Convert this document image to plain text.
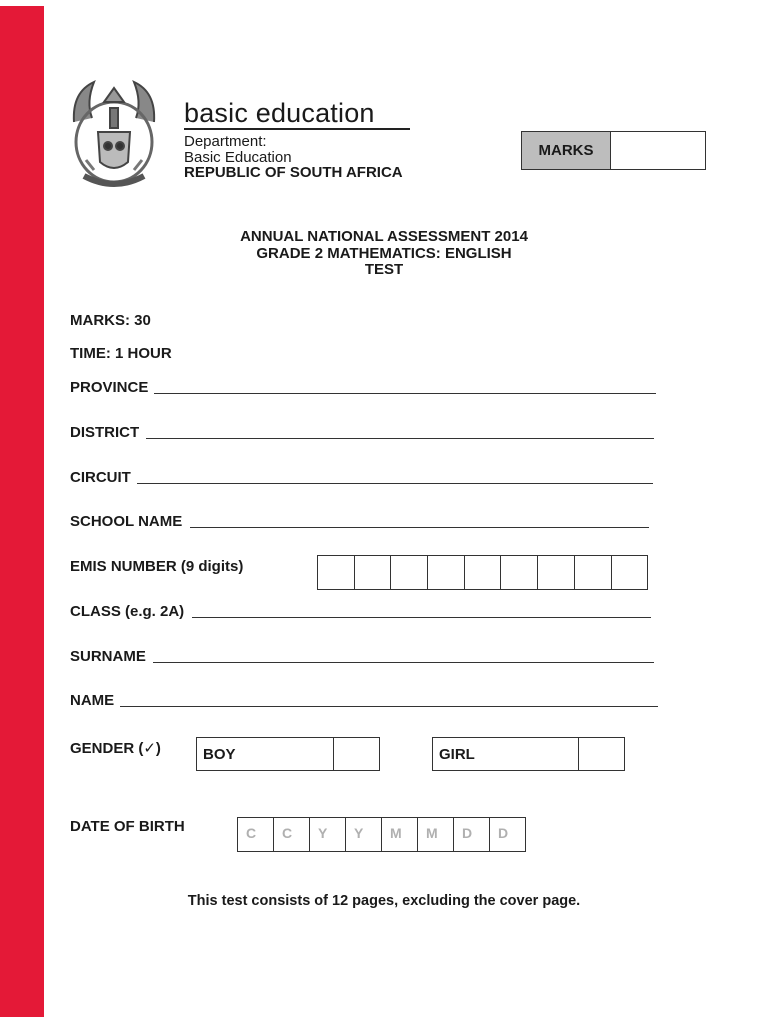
basic education
Department:
Basic Education
REPUBLIC OF SOUTH AFRICA
MARKS
ANNUAL NATIONAL ASSESSMENT 2014
GRADE 2 MATHEMATICS: ENGLISH
TEST
MARKS: 30
TIME: 1 HOUR
PROVINCE
DISTRICT
CIRCUIT
SCHOOL NAME
EMIS NUMBER (9 digits)
CLASS (e.g. 2A)
SURNAME
NAME
GENDER (✓)	BOY	GIRL
DATE OF BIRTH	C	C	Y	Y	M	M	D	D
This test consists of 12 pages, excluding the cover page.
